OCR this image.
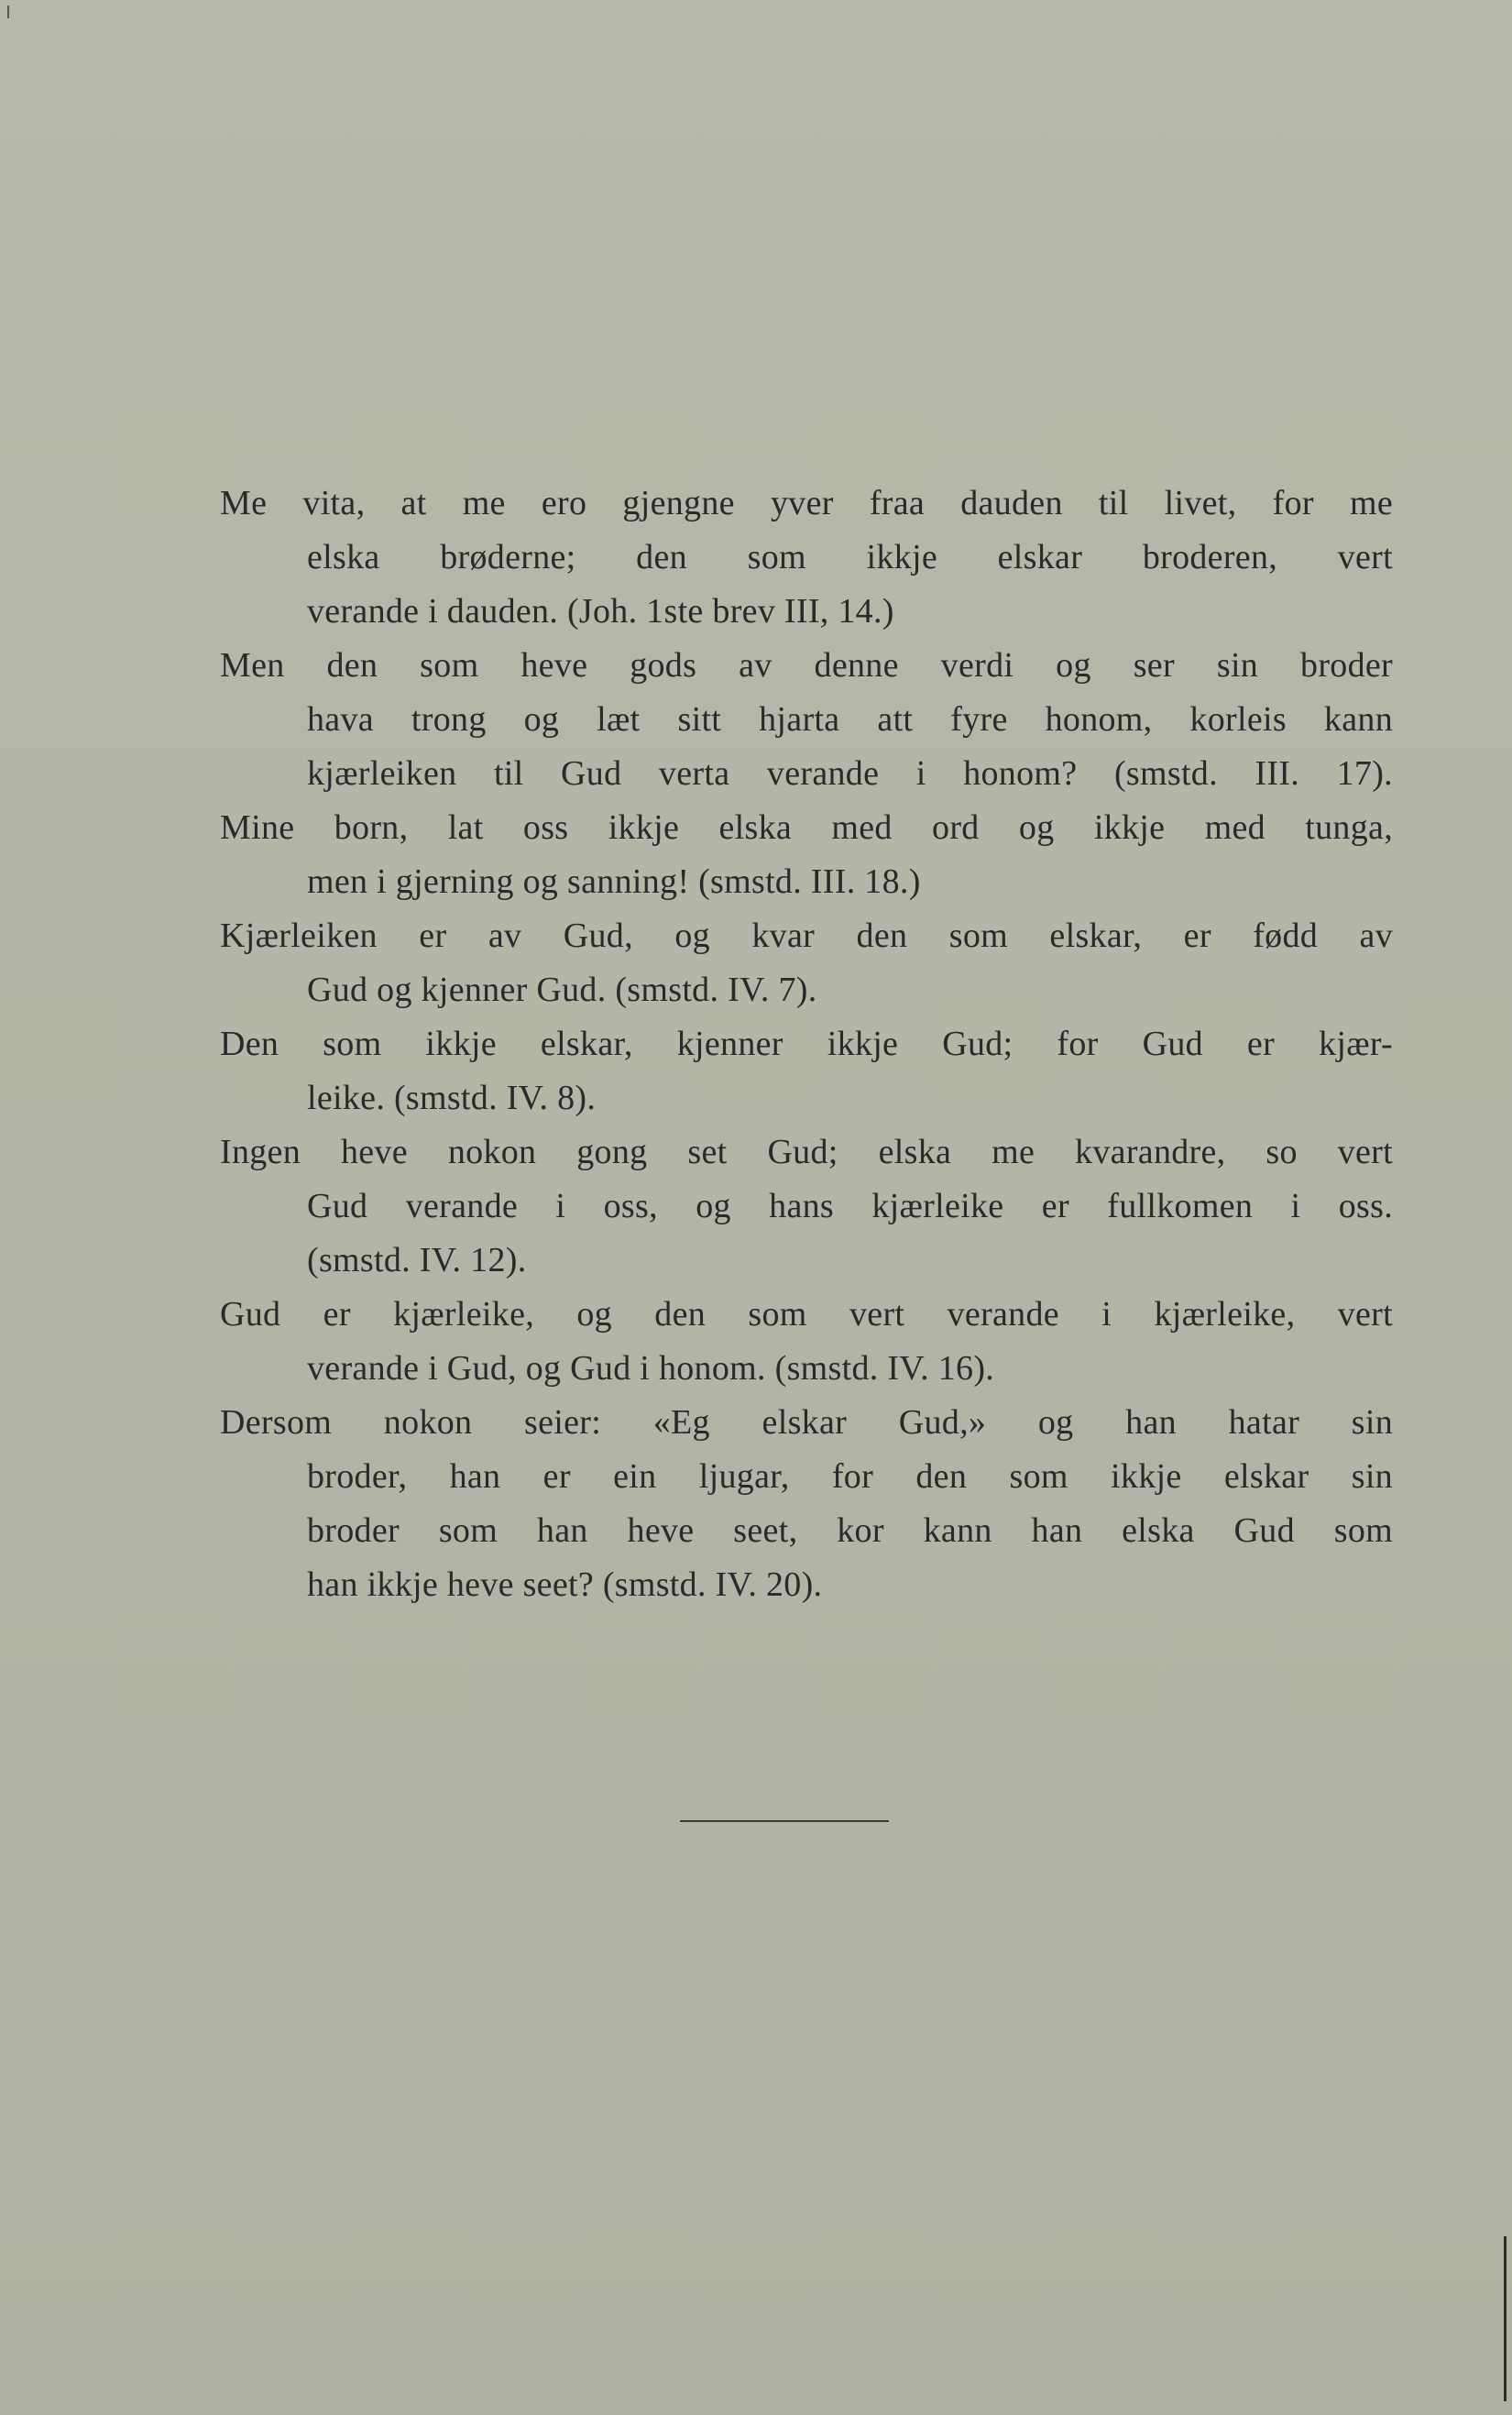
Me vita, at me ero gjengne yver fraa dauden til livet, for me
elska brøderne; den som ikkje elskar broderen, vert
verande i dauden. (Joh. 1ste brev III, 14.)
Men den som heve gods av denne verdi og ser sin broder
hava trong og læt sitt hjarta att fyre honom, korleis kann
kjærleiken til Gud verta verande i honom? (smstd. III. 17).
Mine born, lat oss ikkje elska med ord og ikkje med tunga,
men i gjerning og sanning! (smstd. III. 18.)
Kjærleiken er av Gud, og kvar den som elskar, er fødd av
Gud og kjenner Gud. (smstd. IV. 7).
Den som ikkje elskar, kjenner ikkje Gud; for Gud er kjær-
leike. (smstd. IV. 8).
Ingen heve nokon gong set Gud; elska me kvarandre, so vert
Gud verande i oss, og hans kjærleike er fullkomen i oss.
(smstd. IV. 12).
Gud er kjærleike, og den som vert verande i kjærleike, vert
verande i Gud, og Gud i honom. (smstd. IV. 16).
Dersom nokon seier: «Eg elskar Gud,» og han hatar sin
broder, han er ein ljugar, for den som ikkje elskar sin
broder som han heve seet, kor kann han elska Gud som
han ikkje heve seet? (smstd. IV. 20).
